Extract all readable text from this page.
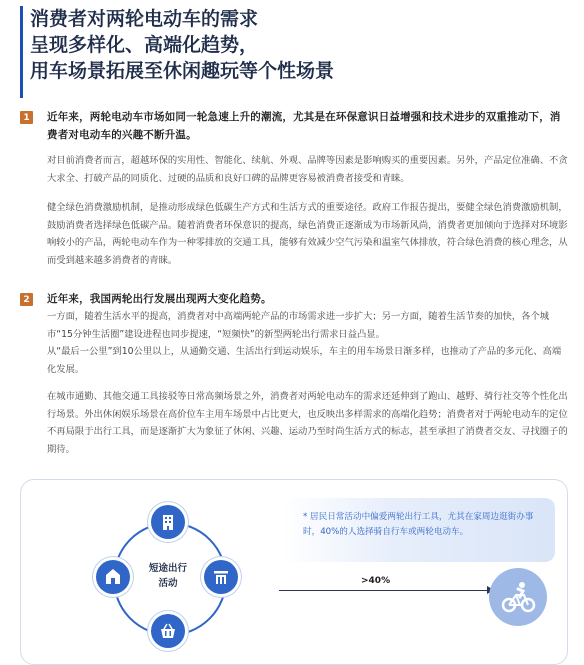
消费者对两轮电动车的需求
呈现多样化、高端化趋势，
用车场景拓展至休闲趣玩等个性场景
1	近年来，两轮电动车市场如同一轮急速上升的潮流，尤其是在环保意识日益增强和技术进步的双重推动下，消费者对电动车的兴趣不断升温。

对目前消费者而言，超越环保的实用性、智能化、续航、外观、品牌等因素是影响购买的重要因素。另外，产品定位准确、不贪大求全、打破产品的同质化、过硬的品质和良好口碑的品牌更容易被消费者接受和青睐。

健全绿色消费激励机制，是推动形成绿色低碳生产方式和生活方式的重要途径。政府工作报告提出，要健全绿色消费激励机制，鼓励消费者选择绿色低碳产品。随着消费者环保意识的提高，绿色消费正逐渐成为市场新风尚，消费者更加倾向于选择对环境影响较小的产品，两轮电动车作为一种零排放的交通工具，能够有效减少空气污染和温室气体排放，符合绿色消费的核心理念，从而受到越来越多消费者的青睐。

2	近年来，我国两轮出行发展出现两大变化趋势。

一方面，随着生活水平的提高，消费者对中高端两轮产品的市场需求进一步扩大；另一方面，随着生活节奏的加快，各个城市“15分钟生活圈”建设进程也同步提速，“短频快”的新型两轮出行需求日益凸显。

从“最后一公里”到10公里以上，从通勤交通、生活出行到运动娱乐，车主的用车场景日渐多样，也推动了产品的多元化、高端化发展。

在城市通勤、其他交通工具接驳等日常高频场景之外，消费者对两轮电动车的需求还延伸到了跑山、越野、骑行社交等个性化出行场景。外出休闲娱乐场景在高价位车主用车场景中占比更大，也反映出多样需求的高端化趋势；消费者对于两轮电动车的定位不再局限于出行工具，而是逐渐扩大为象征了休闲、兴趣、运动乃至时尚生活方式的标志，甚至承担了消费者交友、寻找圈子的期待。

短途出行
活动
* 居民日常活动中偏爱两轮出行工具，尤其在家周边逛街办事时，40%的人选择骑自行车或两轮电动车。
>40%
